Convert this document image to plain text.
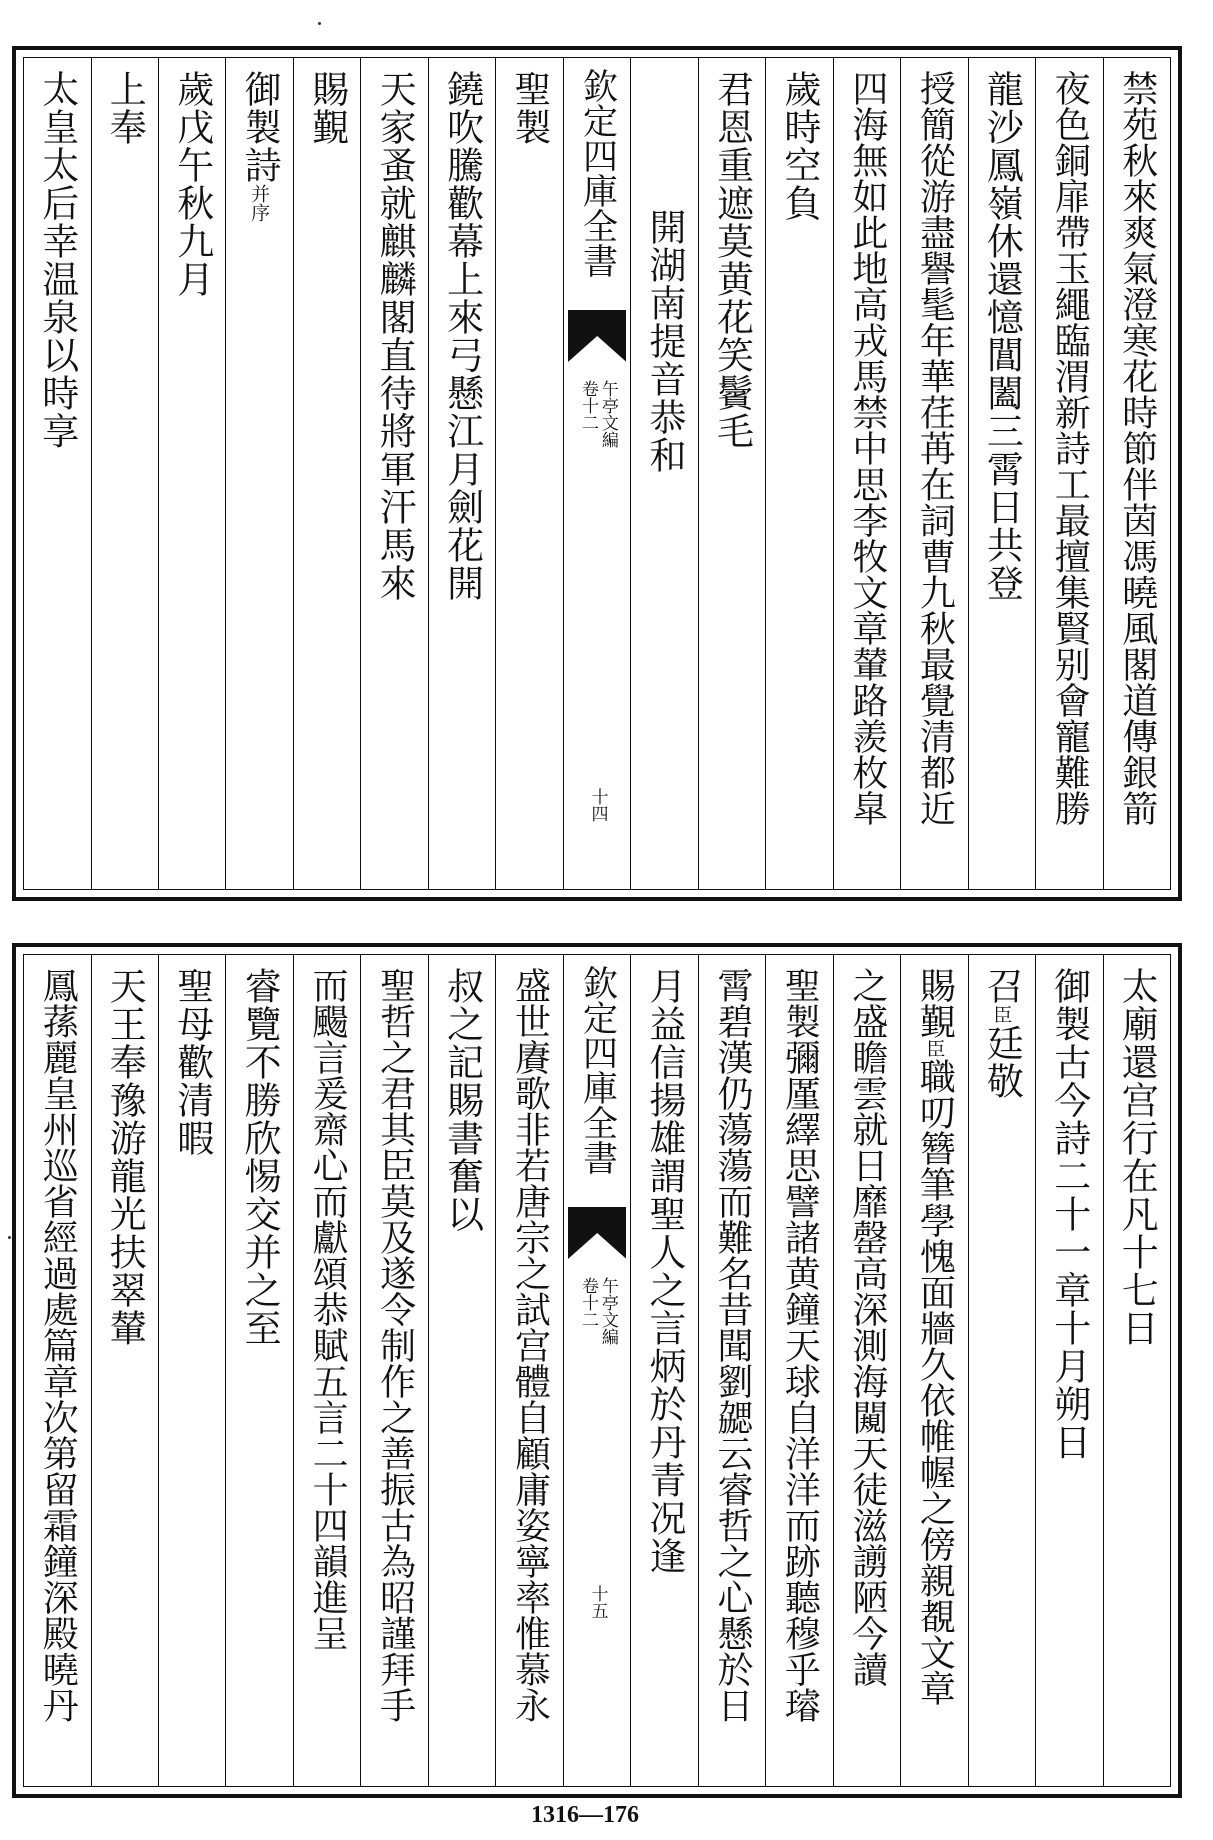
禁苑秋來爽氣澄寒花時節伴茵馮曉風閣道傳銀箭
夜色銅扉帶玉繩臨渭新詩工最擅集賢别會寵難勝
龍沙鳳嶺休還憶閶闔三霄日共登
授簡從游盡譽髦年華荏苒在詞曹九秋最覺清都近
四海無如此地高戎馬禁中思李牧文章輦路羨枚皐
歲時空負
君恩重遮莫黄花笑鬢毛
開湖南提音恭和
欽定四庫全書
午亭文編
卷十二
十四
聖製
鐃吹騰歡幕上來弓懸江月劍花開
天家蚤就麒麟閣直待將軍汗馬來
賜覲
御製詩并序
歲戊午秋九月
上奉
太皇太后幸温泉以時享
太廟還宫行在凡十七日
御製古今詩二十一章十月朔日
召臣廷敬
賜覲臣職叨簪筆學愧面牆久依帷幄之傍親覩文章
之盛瞻雲就日靡罄高深測海闚天徒滋謭陋今讀
聖製彌厪繹思譬諸黄鐘天球自洋洋而跡聽穆乎璿
霄碧漢仍蕩蕩而難名昔聞劉勰云睿哲之心懸於日
月益信揚雄謂聖人之言炳於丹青况逢
欽定四庫全書
午亭文編
卷十二
十五
盛世賡歌非若唐宗之試宫體自顧庸姿寧率惟慕永
叔之記賜書奮以
聖哲之君其臣莫及遂令制作之善振古為昭謹拜手
而颺言爰齋心而獻頌恭賦五言二十四韻進呈
睿覽不勝欣惕交并之至
聖母歡清暇
天王奉豫游龍光扶翠輦
鳳蓀麗皇州巡省經過處篇章次第留霜鐘深殿曉丹
1316—176
